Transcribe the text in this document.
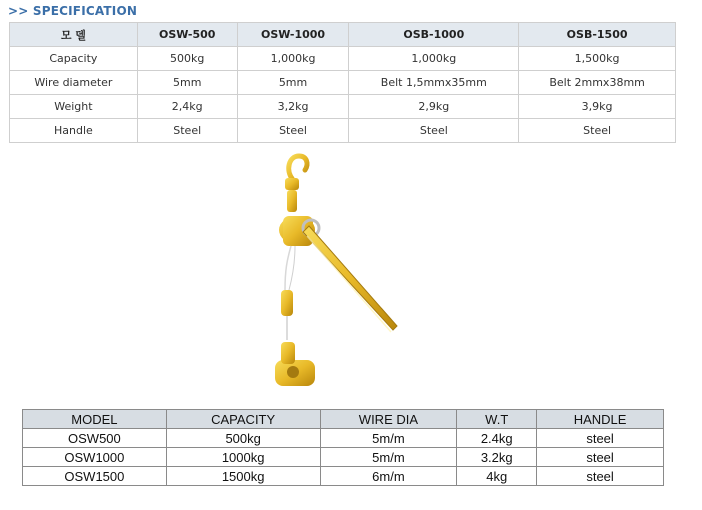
>> SPECIFICATION
모 델	OSW-500	OSW-1000	OSB-1000	OSB-1500
Capacity	500kg	1,000kg	1,000kg	1,500kg
Wire diameter	5mm	5mm	Belt 1,5mmx35mm	Belt 2mmx38mm
Weight	2,4kg	3,2kg	2,9kg	3,9kg
Handle	Steel	Steel	Steel	Steel
MODEL	CAPACITY	WIRE DIA	W.T	HANDLE
OSW500	500kg	5m/m	2.4kg	steel
OSW1000	1000kg	5m/m	3.2kg	steel
OSW1500	1500kg	6m/m	4kg	steel
